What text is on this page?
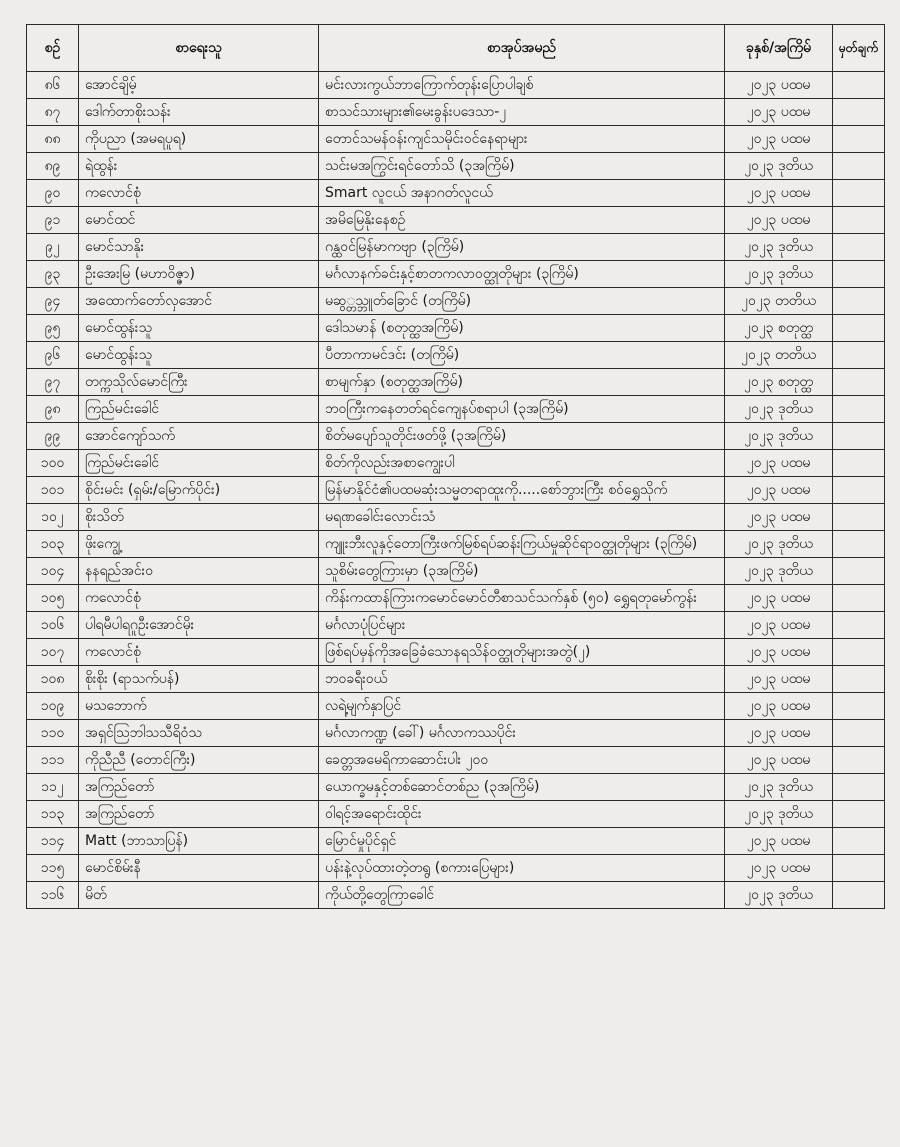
စဉ်	စာရေးသူ	စာအုပ်အမည်	ခုနှစ်/အကြိမ်	မှတ်ချက်
၈၆	အောင်ချိမ့်	မင်းလားကွယ်ဘာကြောက်တုန်းပြောပါချစ်	၂၀၂၃ ပထမ	
၈၇	ဒေါက်တာစိုးသန်း	စာသင်သားများ၏မေးခွန်းပဒေသာ-၂	၂၀၂၃ ပထမ	
၈၈	ကိုပညာ (အမရပူရ)	တောင်သမန်ဝန်းကျင်သမိုင်းဝင်နေရာများ	၂၀၂၃ ပထမ	
၈၉	ရဲထွန်း	သင်းမအကြွင်းရင်တော်သိ (၃အကြိမ်)	၂၀၂၃ ဒုတိယ	
၉၀	ကလောင်စုံ	Smart လူငယ် အနာဂတ်လူငယ်	၂၀၂၃ ပထမ	
၉၁	မောင်ထင်	အမိမြေနိုးနေစဉ်	၂၀၂၃ ပထမ	
၉၂	မောင်သာနိုး	ဂန္ထဝင်မြန်မာကဗျာ (၃ကြိမ်)	၂၀၂၃ ဒုတိယ	
၉၃	ဦးအေးမြ (မဟာဝိဇ္ဇာ)	မင်္ဂလာနက်ခင်းနှင့်စာတကလာဝတ္ထုတိုများ (၃ကြိမ်)	၂၀၂၃ ဒုတိယ	
၉၄	အထောက်တော်လှအောင်	မဆွ္တသ္ဘူတ်ခြောင် (တကြိမ်)	၂၀၂၃ တတိယ	
၉၅	မောင်ထွန်းသူ	ဒေါသမာန် (စတုတ္ထအကြိမ်)	၂၀၂၃ စတုတ္ထ	
၉၆	မောင်ထွန်းသူ	ပီတာကာမင်ဒင်း (တကြိမ်)	၂၀၂၃ တတိယ	
၉၇	တက္ကသိုလ်မောင်ကြီး	စာမျက်နှာ (စတုတ္ထအကြိမ်)	၂၀၂၃ စတုတ္ထ	
၉၈	ကြည်မင်းခေါင်	ဘဝကြီးကနေတတ်ရင်ကျေနပ်စရာပါ (၃အကြိမ်)	၂၀၂၃ ဒုတိယ	
၉၉	အောင်ကျော်သက်	စိတ်မပျော်သူတိုင်းဖတ်ဖို့ (၃အကြိမ်)	၂၀၂၃ ဒုတိယ	
၁၀၀	ကြည်မင်းခေါင်	စိတ်ကိုလည်းအစာကျွေးပါ	၂၀၂၃ ပထမ	
၁၀၁	စိုင်းမင်း (ရှမ်း/မြောက်ပိုင်း)	မြန်မာနိုင်ငံ၏ပထမဆုံးသမ္မတရာထူးကို.....စော်ဘွားကြီး စဝ်ရွှေသိုက်	၂၀၂၃ ပထမ	
၁၀၂	စိုးသိတ်	မရဏခေါင်းလောင်းသံ	၂၀၂၃ ပထမ	
၁၀၃	ဖိုးကျွေ့	ကျူးဘီးလူနှင့်တောကြီးဖက်မြစ်ရပ်ဆန်းကြယ်မှုဆိုင်ရာဝတ္ထုတိုများ (၃ကြိမ်)	၂၀၂၃ ဒုတိယ	
၁၀၄	နနရည်အင်းဝ	သူစိမ်းတွေကြားမှာ (၃အကြိမ်)	၂၀၂၃ ဒုတိယ	
၁၀၅	ကလောင်စုံ	ကိန်းကထာန်ကြားကမောင်မောင်တီစာသင်သက်နှစ် (၅၀) ရွှေရတုမော်ကွန်း	၂၀၂၃ ပထမ	
၁၀၆	ပါရမီပါရဂူဦးအောင်မိုး	မင်္ဂလာပုံပြင်များ	၂၀၂၃ ပထမ	
၁၀၇	ကလောင်စုံ	ဖြစ်ရပ်မှန်ကိုအခြေခံသောနရသိန်ဝတ္ထုတိုများအတွဲ(၂)	၂၀၂၃ ပထမ	
၁၀၈	စိုးစိုး (ရာသက်ပန်)	ဘဝခရီးဝယ်	၂၀၂၃ ပထမ	
၁၀၉	မသဘောက်	လရဲ့မျက်နှာပြင်	၂၀၂၃ ပထမ	
၁၁၀	အရှင်ဩဘါသသီရိဝံသ	မင်္ဂလာကဏ္ဍ (ခေါ်) မင်္ဂလာကဿပိုင်း	၂၀၂၃ ပထမ	
၁၁၁	ကိုညီညီ (တောင်ကြီး)	ခေတ္တအမေရိကာဆောင်းပါး ၂၀၀	၂၀၂၃ ပထမ	
၁၁၂	အကြည်တော်	ယောက္ခမနှင့်တစ်ဆောင်တစ်ည (၃အကြိမ်)	၂၀၂၃ ဒုတိယ	
၁၁၃	အကြည်တော်	ဝါရင့်အရောင်းထိုင်း	၂၀၂၃ ဒုတိယ	
၁၁၄	Matt (ဘာသာပြန်)	မြောင်မှုပိုင်ရှင်	၂၀၂၃ ပထမ	
၁၁၅	မောင်စိမ်းနီ	ပန်းနဲ့လုပ်ထားတဲ့တရွ (စကားပြေများ)	၂၀၂၃ ပထမ	
၁၁၆	မိတ်	ကိုယ်တို့တွေကြာခေါင်	၂၀၂၃ ဒုတိယ	
